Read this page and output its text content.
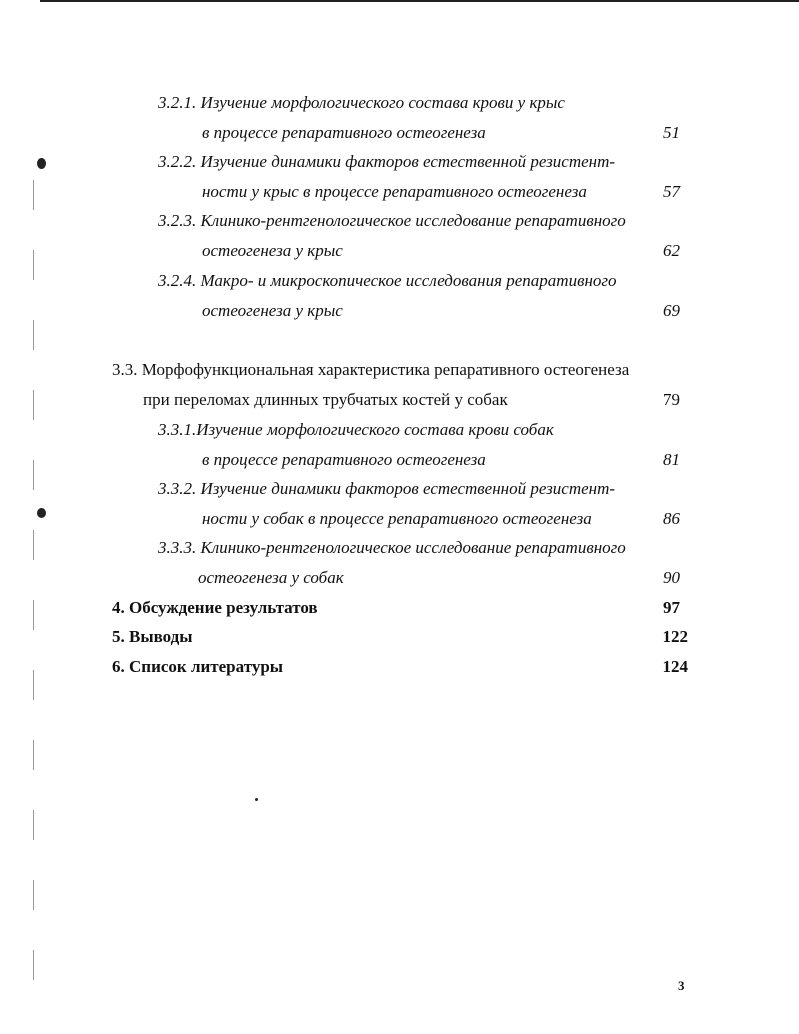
3.2.1. Изучение морфологического состава крови у крыс
в процессе репаративного остеогенеза	51
3.2.2. Изучение динамики факторов естественной резистент-
ности у крыс в процессе репаративного остеогенеза	57
3.2.3. Клинико-рентгенологическое исследование репаративного
остеогенеза у крыс	62
3.2.4. Макро- и микроскопическое исследования репаративного
остеогенеза у крыс	69
3.3. Морфофункциональная характеристика репаративного остеогенеза
при переломах длинных трубчатых костей у собак	79
3.3.1.Изучение морфологического состава крови собак
в процессе репаративного остеогенеза	81
3.3.2. Изучение динамики факторов естественной резистент-
ности у собак в процессе репаративного остеогенеза	86
3.3.3. Клинико-рентгенологическое исследование репаративного
остеогенеза у собак	90
4. Обсуждение результатов	97
5. Выводы	122
6. Список литературы	124
3
